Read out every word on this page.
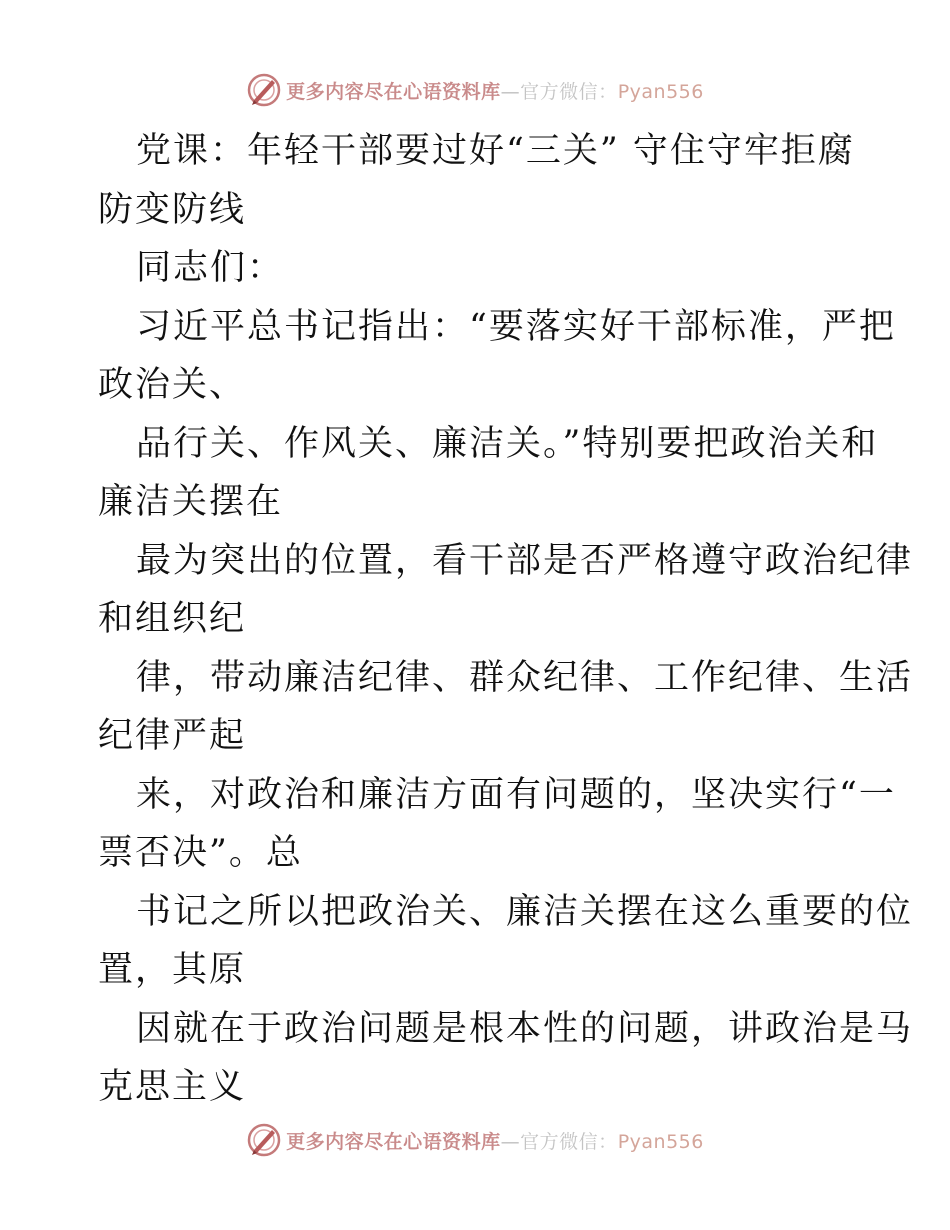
更多内容尽在心语资料库—官方微信：Pyan556
党课：年轻干部要过好“三关” 守住守牢拒腐
防变防线
同志们：
习近平总书记指出：“要落实好干部标准，严把
政治关、
品行关、作风关、廉洁关。”特别要把政治关和
廉洁关摆在
最为突出的位置，看干部是否严格遵守政治纪律
和组织纪
律，带动廉洁纪律、群众纪律、工作纪律、生活
纪律严起
来，对政治和廉洁方面有问题的，坚决实行“一
票否决”。总
书记之所以把政治关、廉洁关摆在这么重要的位
置，其原
因就在于政治问题是根本性的问题，讲政治是马
克思主义
更多内容尽在心语资料库—官方微信：Pyan556
